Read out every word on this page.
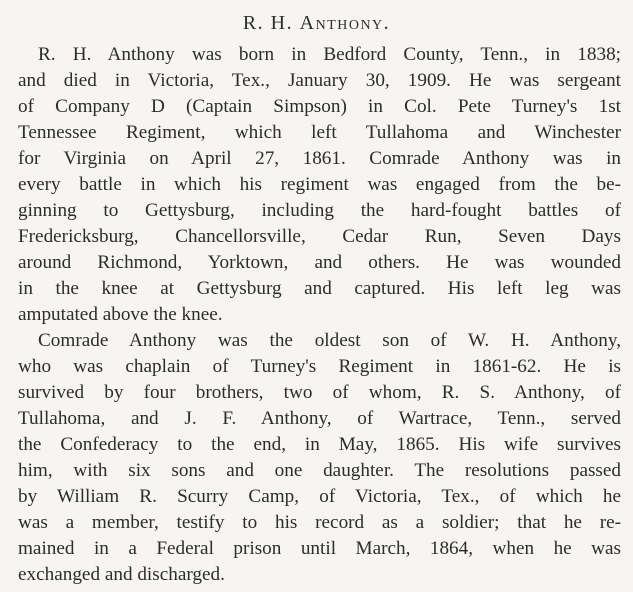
R. H. Anthony.
R. H. Anthony was born in Bedford County, Tenn., in 1838;
and died in Victoria, Tex., January 30, 1909. He was sergeant
of Company D (Captain Simpson) in Col. Pete Turney's 1st
Tennessee Regiment, which left Tullahoma and Winchester
for Virginia on April 27, 1861. Comrade Anthony was in
every battle in which his regiment was engaged from the be-
ginning to Gettysburg, including the hard-fought battles of
Fredericksburg, Chancellorsville, Cedar Run, Seven Days
around Richmond, Yorktown, and others. He was wounded
in the knee at Gettysburg and captured. His left leg was
amputated above the knee.
Comrade Anthony was the oldest son of W. H. Anthony,
who was chaplain of Turney's Regiment in 1861-62. He is
survived by four brothers, two of whom, R. S. Anthony, of
Tullahoma, and J. F. Anthony, of Wartrace, Tenn., served
the Confederacy to the end, in May, 1865. His wife survives
him, with six sons and one daughter. The resolutions passed
by William R. Scurry Camp, of Victoria, Tex., of which he
was a member, testify to his record as a soldier; that he re-
mained in a Federal prison until March, 1864, when he was
exchanged and discharged.
